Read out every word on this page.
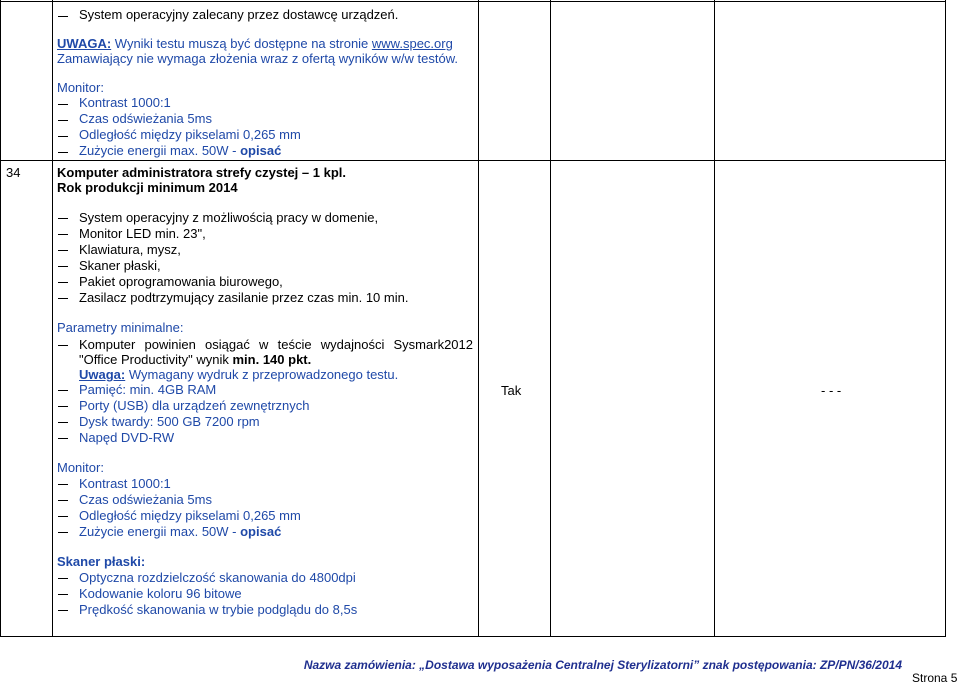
System operacyjny zalecany przez dostawcę urządzeń.
UWAGA: Wyniki testu muszą być dostępne na stronie www.spec.org
Zamawiający nie wymaga złożenia wraz z ofertą wyników w/w testów.
Monitor:
Kontrast 1000:1
Czas odświeżania 5ms
Odległość między pikselami 0,265 mm
Zużycie energii max. 50W - opisać
34	Komputer administratora strefy czystej – 1 kpl.
Rok produkcji minimum 2014
System operacyjny z możliwością pracy w domenie,
Monitor LED min. 23",
Klawiatura, mysz,
Skaner płaski,
Pakiet oprogramowania biurowego,
Zasilacz podtrzymujący zasilanie przez czas min. 10 min.
Parametry minimalne:
Komputer powinien osiągać w teście wydajności Sysmark2012
"Office Productivity" wynik min. 140 pkt.
Uwaga: Wymagany wydruk z przeprowadzonego testu.
Pamięć: min. 4GB RAM
Porty (USB) dla urządzeń zewnętrznych
Dysk twardy: 500 GB 7200 rpm
Napęd DVD-RW
Monitor:
Kontrast 1000:1
Czas odświeżania 5ms
Odległość między pikselami 0,265 mm
Zużycie energii max. 50W - opisać
Skaner płaski:
Optyczna rozdzielczość skanowania do 4800dpi
Kodowanie koloru 96 bitowe
Prędkość skanowania w trybie podglądu do 8,5s
Tak	- - -
Nazwa zamówienia: „Dostawa wyposażenia Centralnej Sterylizatorni” znak postępowania: ZP/PN/36/2014
Strona 5
